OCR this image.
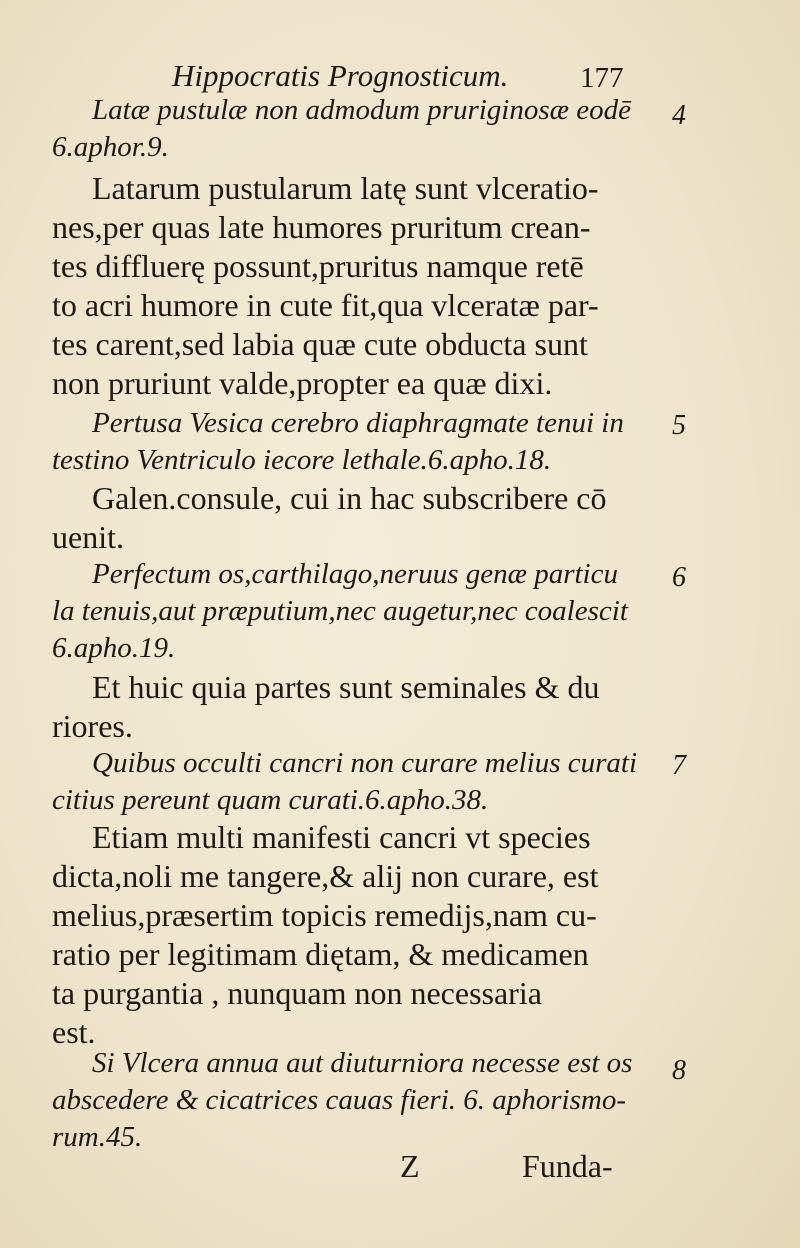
Hippocratis Prognosticum. 177
Latæ pustulæ non admodum pruriginosæ eodē
6.aphor.9.
4
Latarum pustularum latę sunt vlceratio-
nes,per quas late humores pruritum crean-
tes diffluerę possunt,pruritus namque retē
to acri humore in cute fit,qua vlceratæ par-
tes carent,sed labia quæ cute obducta sunt
non pruriunt valde,propter ea quæ dixi.
Pertusa Vesica cerebro diaphragmate tenui in
testino Ventriculo iecore lethale.6.apho.18.
5
Galen.consule, cui in hac subscribere cō
uenit.
Perfectum os,carthilago,neruus genæ particu
la tenuis,aut præputium,nec augetur,nec coalescit
6.apho.19.
6
Et huic quia partes sunt seminales & du
riores.
Quibus occulti cancri non curare melius curati
citius pereunt quam curati.6.apho.38.
7
Etiam multi manifesti cancri vt species
dicta,noli me tangere,& alij non curare, est
melius,præsertim topicis remedijs,nam cu-
ratio per legitimam diętam, & medicamen
ta purgantia , nunquam non necessaria
est.
Si Vlcera annua aut diuturniora necesse est os
abscedere & cicatrices cauas fieri. 6. aphorismo-
rum.45.
8
Z	Funda-
